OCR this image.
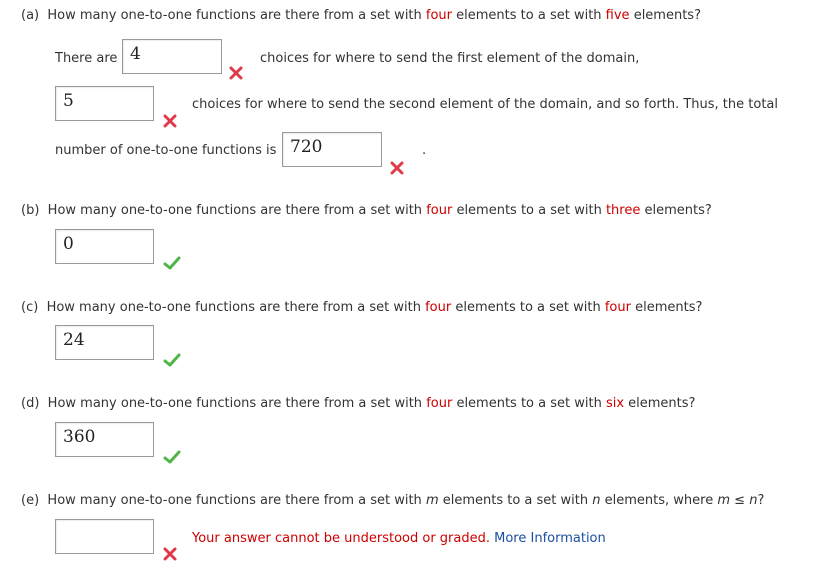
(a) How many one-to-one functions are there from a set with four elements to a set with five elements?
There are 4	choices for where to send the first element of the domain,
5	choices for where to send the second element of the domain, and so forth. Thus, the total
number of one-to-one functions is 720	.
(b) How many one-to-one functions are there from a set with four elements to a set with three elements?
0
(c) How many one-to-one functions are there from a set with four elements to a set with four elements?
24
(d) How many one-to-one functions are there from a set with four elements to a set with six elements?
360
(e) How many one-to-one functions are there from a set with m elements to a set with n elements, where m ≤ n?
Your answer cannot be understood or graded. More Information
